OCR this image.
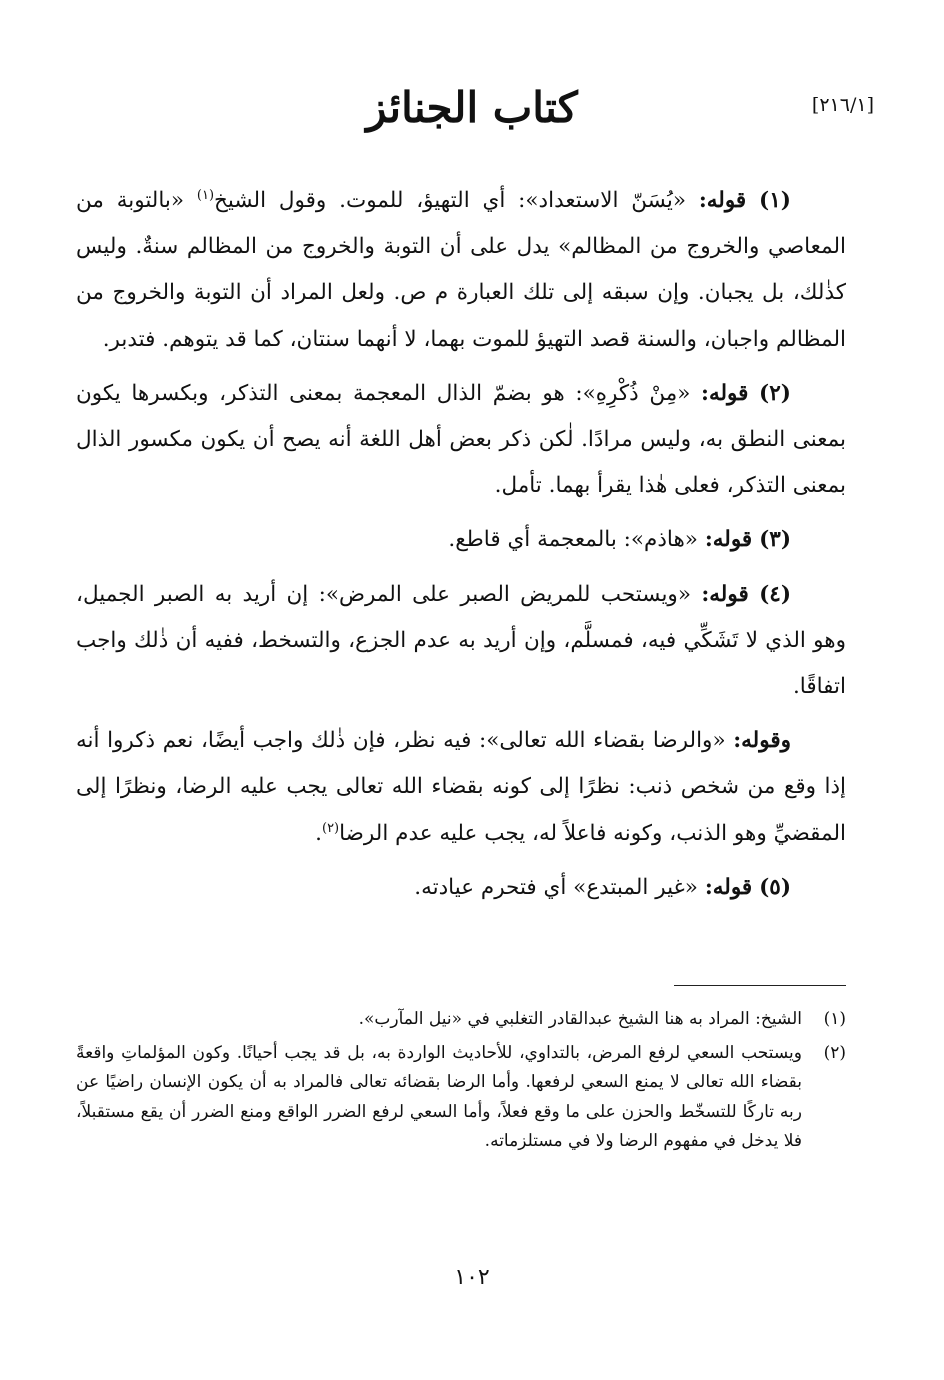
كتاب الجنائز	[٢١٦/١]

(١) قوله: «يُسَنّ الاستعداد»: أي التهيؤ، للموت. وقول الشيخ$^{(١)}$ «بالتوبة من المعاصي والخروج من المظالم» يدل على أن التوبة والخروج من المظالم سنةٌ. وليس كذٰلك، بل يجبان. وإن سبقه إلى تلك العبارة م ص. ولعل المراد أن التوبة والخروج من المظالم واجبان، والسنة قصد التهيؤ للموت بهما، لا أنهما سنتان، كما قد يتوهم. فتدبر.

(٢) قوله: «مِنْ ذُكْرِهِ»: هو بضمّ الذال المعجمة بمعنى التذكر، وبكسرها يكون بمعنى النطق به، وليس مرادًا. لٰكن ذكر بعض أهل اللغة أنه يصح أن يكون مكسور الذال بمعنى التذكر، فعلى هٰذا يقرأ بهما. تأمل.

(٣) قوله: «هاذم»: بالمعجمة أي قاطع.

(٤) قوله: «ويستحب للمريض الصبر على المرض»: إن أريد به الصبر الجميل، وهو الذي لا تَشَكِّي فيه، فمسلَّم، وإن أريد به عدم الجزع، والتسخط، ففيه أن ذٰلك واجب اتفاقًا.

وقوله: «والرضا بقضاء الله تعالى»: فيه نظر، فإن ذٰلك واجب أيضًا، نعم ذكروا أنه إذا وقع من شخص ذنب: نظرًا إلى كونه بقضاء الله تعالى يجب عليه الرضا، ونظرًا إلى المقضيِّ وهو الذنب، وكونه فاعلاً له، يجب عليه عدم الرضا$^{(٢)}$.

(٥) قوله: «غير المبتدع» أي فتحرم عيادته.

(١)
الشيخ: المراد به هنا الشيخ عبدالقادر التغلبي في «نيل المآرب».
(٢)
ويستحب السعي لرفع المرض، بالتداوي، للأحاديث الواردة به، بل قد يجب أحيانًا. وكون المؤلماتِ واقعةً بقضاء الله تعالى لا يمنع السعي لرفعها. وأما الرضا بقضائه تعالى فالمراد به أن يكون الإنسان راضيًا عن ربه تاركًا للتسخّط والحزن على ما وقع فعلاً، وأما السعي لرفع الضرر الواقع ومنع الضرر أن يقع مستقبلاً، فلا يدخل في مفهوم الرضا ولا في مستلزماته.
١٠٢
